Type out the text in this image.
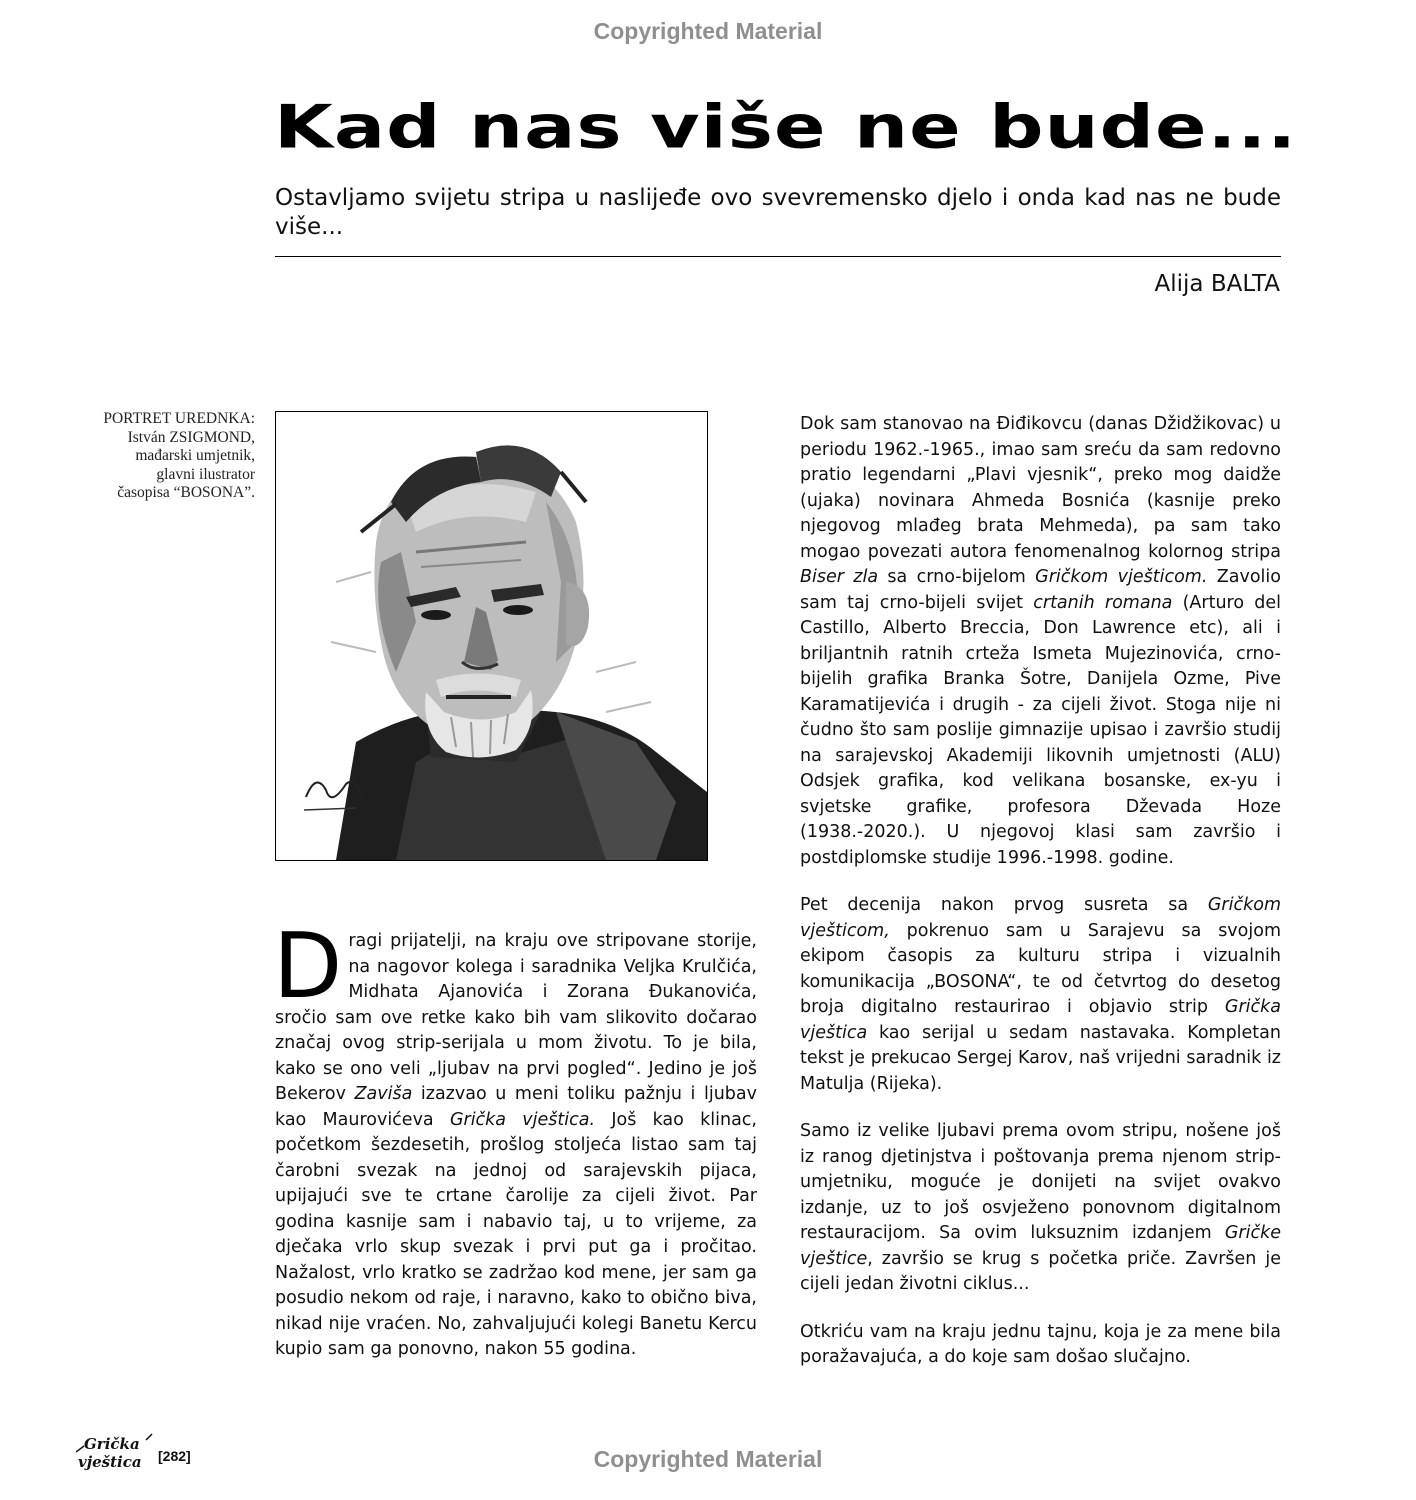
Copyrighted Material
Kad nas više ne bude...
Ostavljamo svijetu stripa u naslijeđe ovo svevremensko djelo i onda kad nas ne bude više...
Alija BALTA
PORTRET UREDNKA:
István ZSIGMOND,
mađarski umjetnik,
glavni ilustrator
časopisa “BOSONA”.

Dragi prijatelji, na kraju ove stripovane storije, na nagovor kolega i saradnika Veljka Krulčića, Midhata Ajanovića i Zorana Đukanovića, sročio sam ove retke kako bih vam slikovito dočarao značaj ovog strip-serijala u mom životu. To je bila, kako se ono veli „ljubav na prvi pogled“. Jedino je još Bekerov Zaviša izazvao u meni toliku pažnju i ljubav kao Maurovićeva Grička vještica. Još kao klinac, početkom šezdesetih, prošlog stoljeća listao sam taj čarobni svezak na jednoj od sarajevskih pijaca, upijajući sve te crtane čarolije za cijeli život. Par godina kasnije sam i nabavio taj, u to vrijeme, za dječaka vrlo skup svezak i prvi put ga i pročitao. Nažalost, vrlo kratko se zadržao kod mene, jer sam ga posudio nekom od raje, i naravno, kako to obično biva, nikad nije vraćen. No, zahvaljujući kolegi Banetu Kercu kupio sam ga ponovno, nakon 55 godina.

Dok sam stanovao na Điđikovcu (danas Džidžikovac) u periodu 1962.-1965., imao sam sreću da sam redovno pratio legendarni „Plavi vjesnik“, preko mog daidže (ujaka) novinara Ahmeda Bosnića (kasnije preko njegovog mlađeg brata Mehmeda), pa sam tako mogao povezati autora fenomenalnog kolornog stripa Biser zla sa crno-bijelom Gričkom vješticom. Zavolio sam taj crno-bijeli svijet crtanih romana (Arturo del Castillo, Alberto Breccia, Don Lawrence etc), ali i briljantnih ratnih crteža Ismeta Mujezinovića, crno-bijelih grafika Branka Šotre, Danijela Ozme, Pive Karamatijevića i drugih - za cijeli život. Stoga nije ni čudno što sam poslije gimnazije upisao i završio studij na sarajevskoj Akademiji likovnih umjetnosti (ALU) Odsjek grafika, kod velikana bosanske, ex-yu i svjetske grafike, profesora Dževada Hoze (1938.-2020.). U njegovoj klasi sam završio i postdiplomske studije 1996.-1998. godine.

Pet decenija nakon prvog susreta sa Gričkom vješticom, pokrenuo sam u Sarajevu sa svojom ekipom časopis za kulturu stripa i vizualnih komunikacija „BOSONA“, te od četvrtog do desetog broja digitalno restaurirao i objavio strip Grička vještica kao serijal u sedam nastavaka. Kompletan tekst je prekucao Sergej Karov, naš vrijedni saradnik iz Matulja (Rijeka).

Samo iz velike ljubavi prema ovom stripu, nošene još iz ranog djetinjstva i poštovanja prema njenom strip-umjetniku, moguće je donijeti na svijet ovakvo izdanje, uz to još osvježeno ponovnom digitalnom restauracijom. Sa ovim luksuznim izdanjem Gričke vještice, završio se krug s početka priče. Završen je cijeli jedan životni ciklus...

Otkriću vam na kraju jednu tajnu, koja je za mene bila poražavajuća, a do koje sam došao slučajno.

Grička
vještica [282]	Copyrighted Material
